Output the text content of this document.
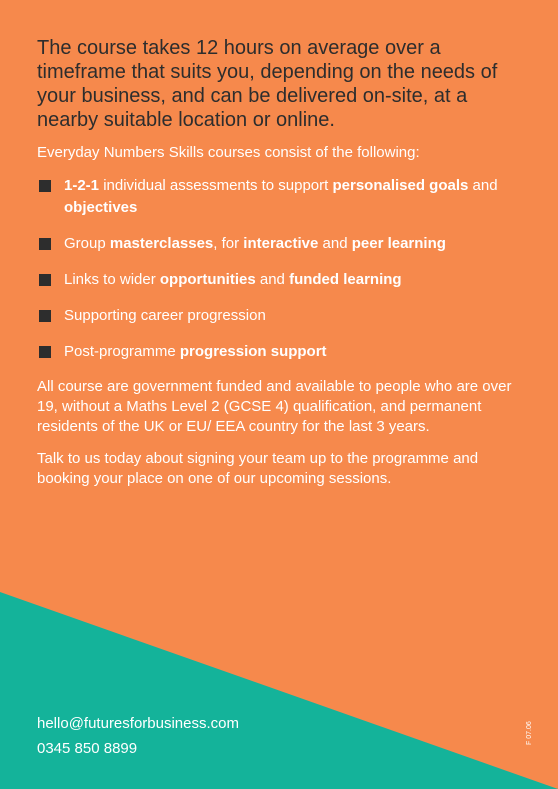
The course takes 12 hours on average over a timeframe that suits you, depending on the needs of your business, and can be delivered on-site, at a nearby suitable location or online.

Everyday Numbers Skills courses consist of the following:

1-2-1 individual assessments to support personalised goals and objectives
Group masterclasses, for interactive and peer learning
Links to wider opportunities and funded learning
Supporting career progression
Post-programme progression support

All course are government funded and available to people who are over 19, without a Maths Level 2 (GCSE 4) qualification, and permanent residents of the UK or EU/ EEA country for the last 3 years.

Talk to us today about signing your team up to the programme and booking your place on one of our upcoming sessions.

hello@futuresforbusiness.com
0345 850 8899
F 07.06
